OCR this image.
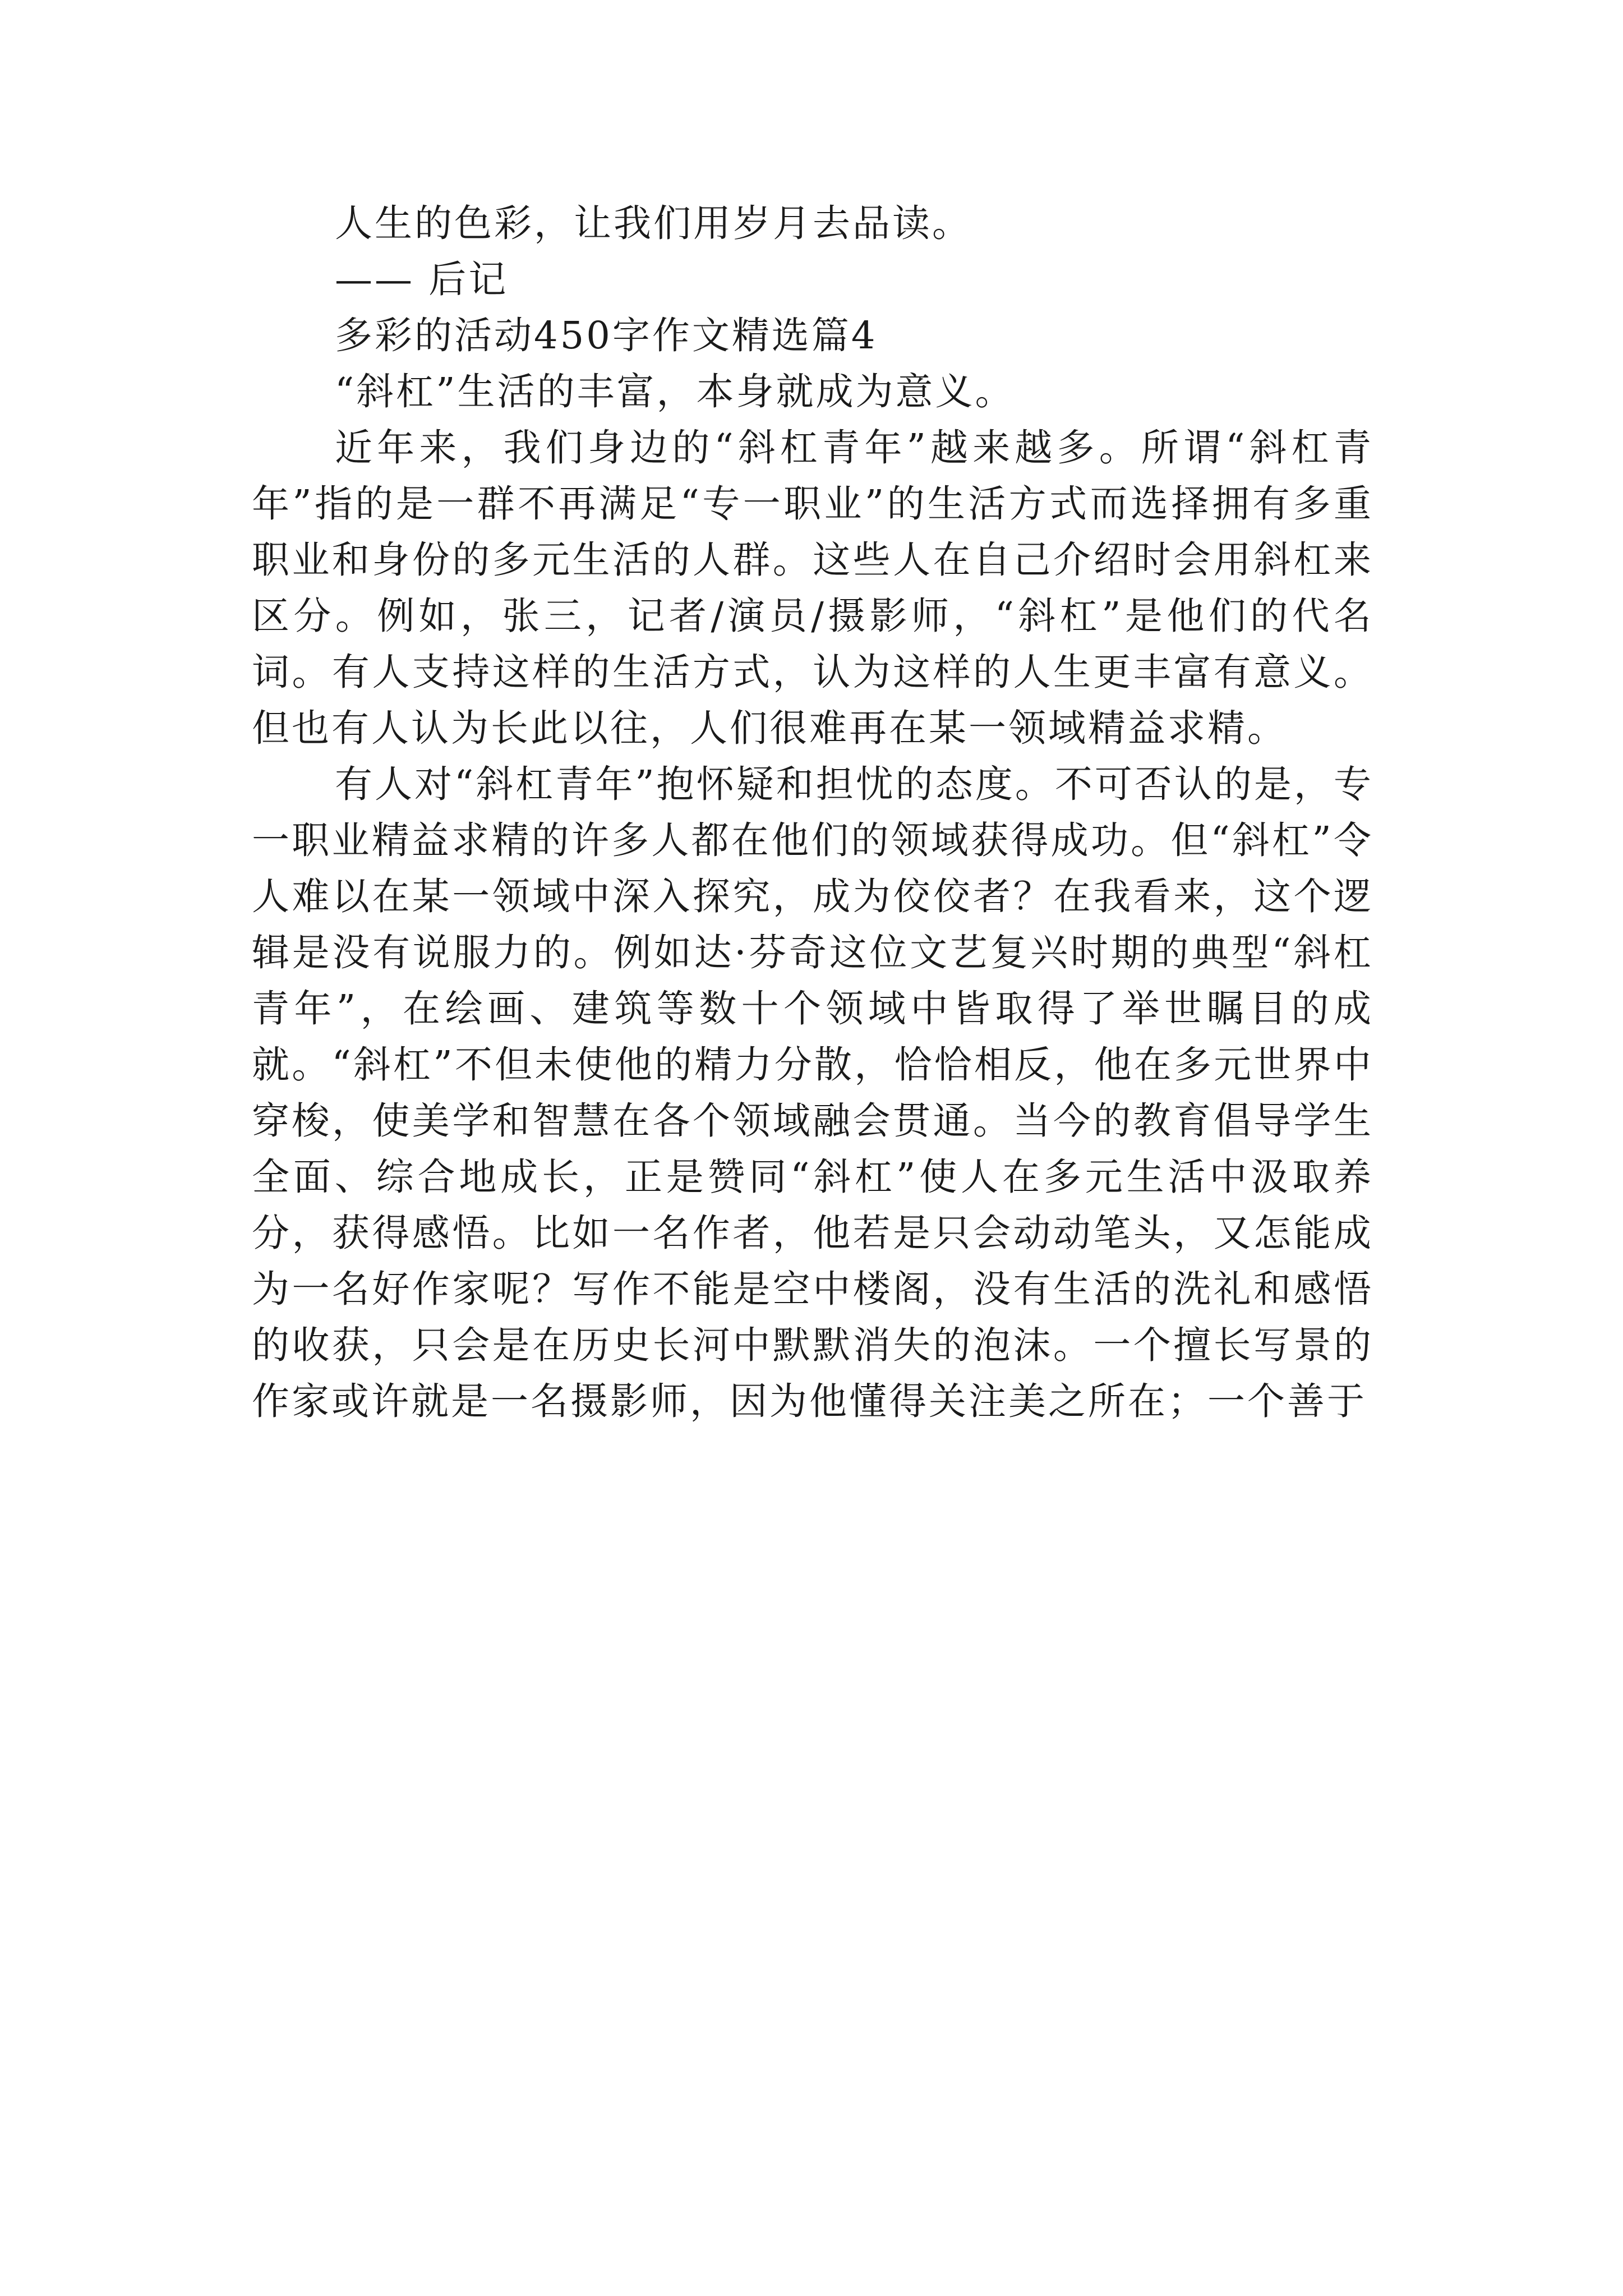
人生的色彩，让我们用岁月去品读。
—— 后记
多彩的活动450字作文精选篇4
“斜杠”生活的丰富，本身就成为意义。

近年来，我们身边的“斜杠青年”越来越多。所谓“斜杠青年”指的是一群不再满足“专一职业”的生活方式而选择拥有多重职业和身份的多元生活的人群。这些人在自己介绍时会用斜杠来区分。例如，张三，记者/演员/摄影师，“斜杠”是他们的代名词。有人支持这样的生活方式，认为这样的人生更丰富有意义。但也有人认为长此以往，人们很难再在某一领域精益求精。

有人对“斜杠青年”抱怀疑和担忧的态度。不可否认的是，专一职业精益求精的许多人都在他们的领域获得成功。但“斜杠”令人难以在某一领域中深入探究，成为佼佼者？在我看来，这个逻辑是没有说服力的。例如达·芬奇这位文艺复兴时期的典型“斜杠青年”，在绘画、建筑等数十个领域中皆取得了举世瞩目的成就。“斜杠”不但未使他的精力分散，恰恰相反，他在多元世界中穿梭，使美学和智慧在各个领域融会贯通。当今的教育倡导学生全面、综合地成长，正是赞同“斜杠”使人在多元生活中汲取养分，获得感悟。比如一名作者，他若是只会动动笔头，又怎能成为一名好作家呢？写作不能是空中楼阁，没有生活的洗礼和感悟的收获，只会是在历史长河中默默消失的泡沫。一个擅长写景的作家或许就是一名摄影师，因为他懂得关注美之所在；一个善于
